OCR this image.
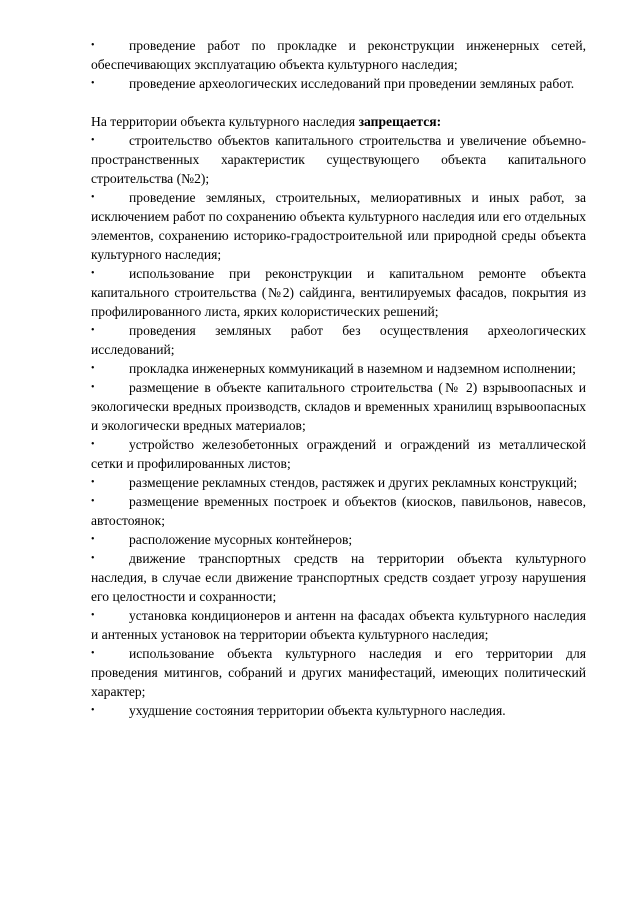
•	проведение работ по прокладке и реконструкции инженерных сетей, обеспечивающих эксплуатацию объекта культурного наследия;

•	проведение археологических исследований при проведении земляных работ.

На территории объекта культурного наследия запрещается:

•	строительство объектов капитального строительства и увеличение объемно-пространственных характеристик существующего объекта капитального строительства (№2);

•	проведение земляных, строительных, мелиоративных и иных работ, за исключением работ по сохранению объекта культурного наследия или его отдельных элементов, сохранению историко-градостроительной или природной среды объекта культурного наследия;

•	использование при реконструкции и капитальном ремонте объекта капитального строительства (№2) сайдинга, вентилируемых фасадов, покрытия из профилированного листа, ярких колористических решений;

•	проведения земляных работ без осуществления археологических исследований;

•	прокладка инженерных коммуникаций в наземном и надземном исполнении;

•	размещение в объекте капитального строительства (№ 2) взрывоопасных и экологически вредных производств, складов и временных хранилищ взрывоопасных и экологически вредных материалов;

•	устройство железобетонных ограждений и ограждений из металлической сетки и профилированных листов;

•	размещение рекламных стендов, растяжек и других рекламных конструкций;

•	размещение временных построек и объектов (киосков, павильонов, навесов, автостоянок;

•	расположение мусорных контейнеров;

•	движение транспортных средств на территории объекта культурного наследия, в случае если движение транспортных средств создает угрозу нарушения его целостности и сохранности;

•	установка кондиционеров и антенн на фасадах объекта культурного наследия и антенных установок на территории объекта культурного наследия;

•	использование объекта культурного наследия и его территории для проведения митингов, собраний и других манифестаций, имеющих политический характер;

•	ухудшение состояния территории объекта культурного наследия.
